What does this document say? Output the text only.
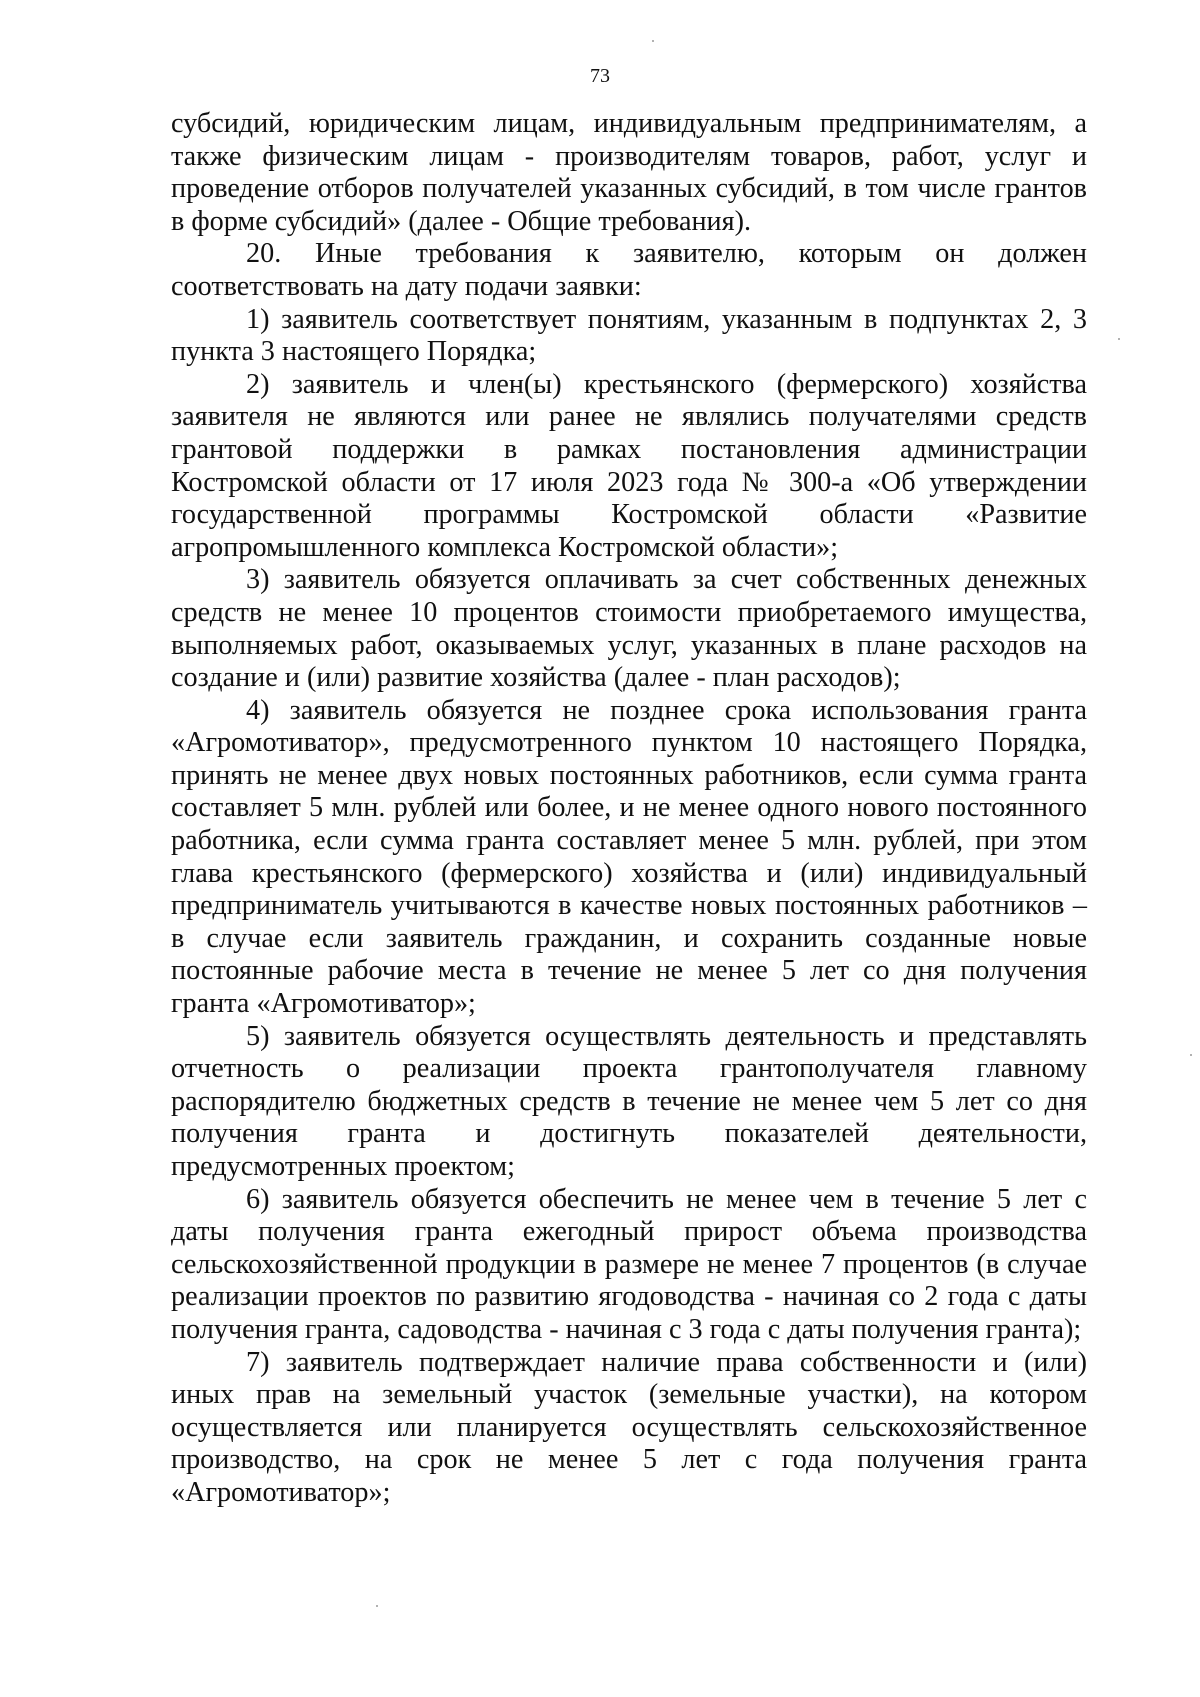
73

субсидий, юридическим лицам, индивидуальным предпринимателям, а также физическим лицам - производителям товаров, работ, услуг и проведение отборов получателей указанных субсидий, в том числе грантов в форме субсидий» (далее - Общие требования).

20. Иные требования к заявителю, которым он должен соответствовать на дату подачи заявки:

1) заявитель соответствует понятиям, указанным в подпунктах 2, 3 пункта 3 настоящего Порядка;

2) заявитель и член(ы) крестьянского (фермерского) хозяйства заявителя не являются или ранее не являлись получателями средств грантовой поддержки в рамках постановления администрации Костромской области от 17 июля 2023 года № 300-а «Об утверждении государственной программы Костромской области «Развитие агропромышленного комплекса Костромской области»;

3) заявитель обязуется оплачивать за счет собственных денежных средств не менее 10 процентов стоимости приобретаемого имущества, выполняемых работ, оказываемых услуг, указанных в плане расходов на создание и (или) развитие хозяйства (далее - план расходов);

4) заявитель обязуется не позднее срока использования гранта «Агромотиватор», предусмотренного пунктом 10 настоящего Порядка, принять не менее двух новых постоянных работников, если сумма гранта составляет 5 млн. рублей или более, и не менее одного нового постоянного работника, если сумма гранта составляет менее 5 млн. рублей, при этом глава крестьянского (фермерского) хозяйства и (или) индивидуальный предприниматель учитываются в качестве новых постоянных работников – в случае если заявитель гражданин, и сохранить созданные новые постоянные рабочие места в течение не менее 5 лет со дня получения гранта «Агромотиватор»;

5) заявитель обязуется осуществлять деятельность и представлять отчетность о реализации проекта грантополучателя главному распорядителю бюджетных средств в течение не менее чем 5 лет со дня получения гранта и достигнуть показателей деятельности, предусмотренных проектом;

6) заявитель обязуется обеспечить не менее чем в течение 5 лет с даты получения гранта ежегодный прирост объема производства сельскохозяйственной продукции в размере не менее 7 процентов (в случае реализации проектов по развитию ягодоводства - начиная со 2 года с даты получения гранта, садоводства - начиная с 3 года с даты получения гранта);

7) заявитель подтверждает наличие права собственности и (или) иных прав на земельный участок (земельные участки), на котором осуществляется или планируется осуществлять сельскохозяйственное производство, на срок не менее 5 лет с года получения гранта «Агромотиватор»;
